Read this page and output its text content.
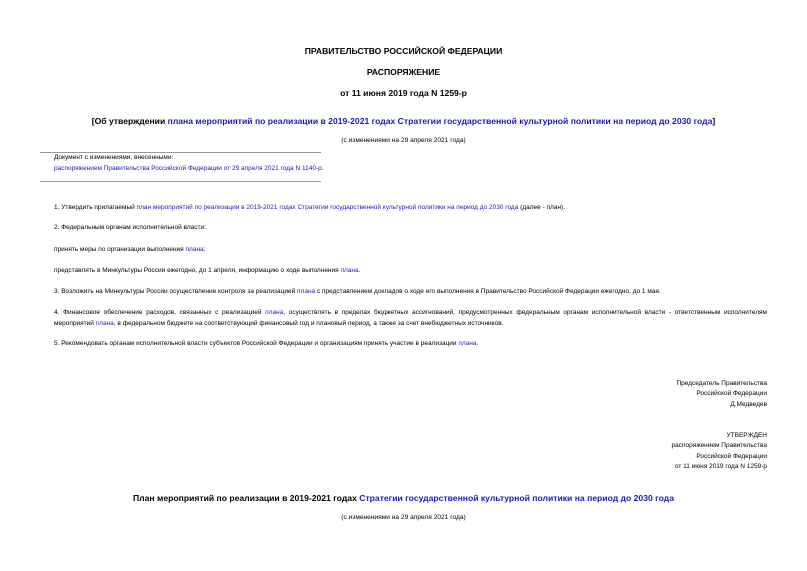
ПРАВИТЕЛЬСТВО РОССИЙСКОЙ ФЕДЕРАЦИИ
РАСПОРЯЖЕНИЕ
от 11 июня 2019 года N 1259-р
[Об утверждении плана мероприятий по реализации в 2019-2021 годах Стратегии государственной культурной политики на период до 2030 года]
(с изменениями на 29 апреля 2021 года)
Документ с изменениями, внесенными:
распоряжением Правительства Российской Федерации от 29 апреля 2021 года N 1140-р.
1. Утвердить прилагаемый план мероприятий по реализации в 2019-2021 годах Стратегии государственной культурной политики на период до 2030 года (далее - план).
2. Федеральным органам исполнительной власти:
принять меры по организации выполнения плана;
представлять в Минкультуры России ежегодно, до 1 апреля, информацию о ходе выполнения плана.
3. Возложить на Минкультуры России осуществление контроля за реализацией плана с представлением докладов о ходе его выполнения в Правительство Российской Федерации ежегодно, до 1 мая.
4. Финансовое обеспечение расходов, связанных с реализацией плана, осуществлять в пределах бюджетных ассигнований, предусмотренных федеральным органам исполнительной власти - ответственным исполнителям мероприятий плана, в федеральном бюджете на соответствующий финансовый год и плановый период, а также за счет внебюджетных источников.
5. Рекомендовать органам исполнительной власти субъектов Российской Федерации и организациям принять участие в реализации плана.
Председатель Правительства
Российской Федерации
Д.Медведев
УТВЕРЖДЕН
распоряжением Правительства
Российской Федерации
от 11 июня 2019 года N 1259-р
План мероприятий по реализации в 2019-2021 годах Стратегии государственной культурной политики на период до 2030 года
(с изменениями на 29 апреля 2021 года)
